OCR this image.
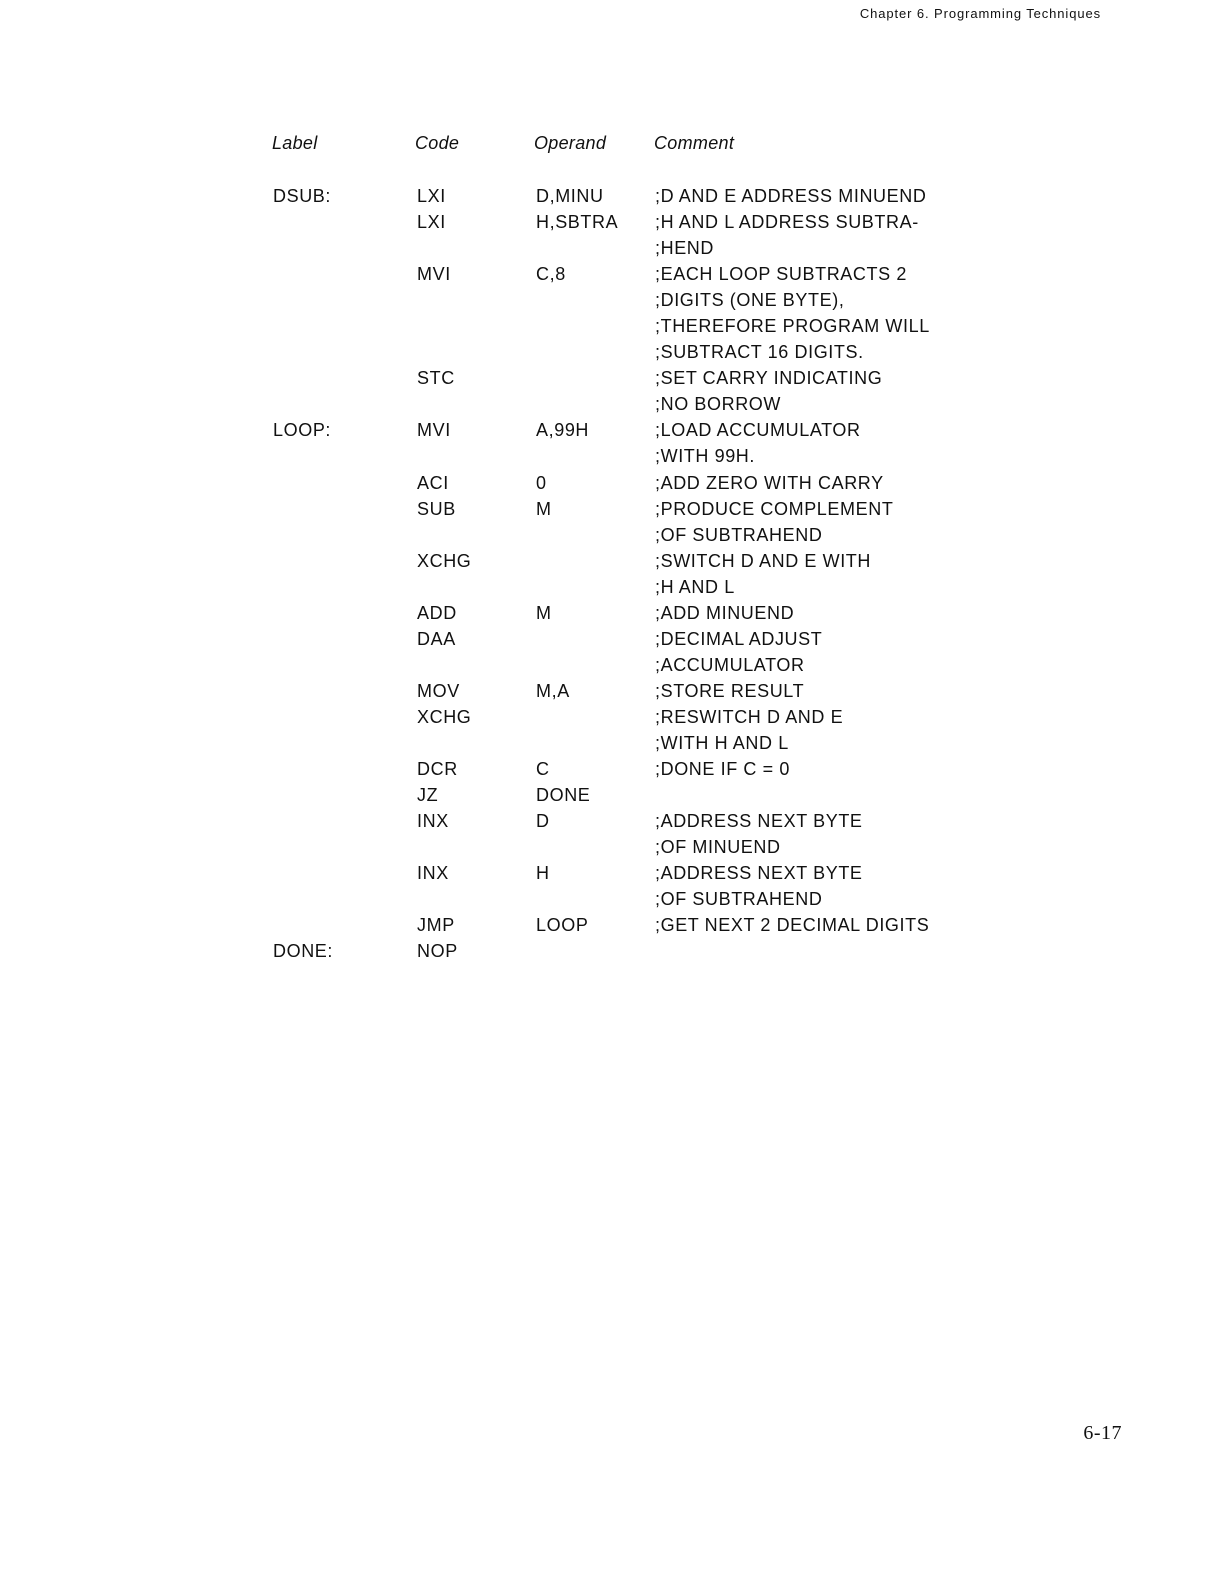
Chapter 6. Programming Techniques
Label	Code	Operand	Comment
DSUB:	LXI	D,MINU	;D AND E ADDRESS MINUEND
LXI	H,SBTRA ;H AND L ADDRESS SUBTRA-
;HEND
MVI	C,8	;EACH LOOP SUBTRACTS 2
;DIGITS (ONE BYTE),
;THEREFORE PROGRAM WILL
;SUBTRACT 16 DIGITS.
STC	;SET CARRY INDICATING
;NO BORROW
LOOP:	MVI	A,99H	;LOAD ACCUMULATOR
;WITH 99H.
ACI	0	;ADD ZERO WITH CARRY
SUB	M	;PRODUCE COMPLEMENT
;OF SUBTRAHEND
XCHG	;SWITCH D AND E WITH
;H AND L
ADD	M	;ADD MINUEND
DAA	;DECIMAL ADJUST
;ACCUMULATOR
MOV	M,A	;STORE RESULT
XCHG	;RESWITCH D AND E
;WITH H AND L
DCR	C	;DONE IF C = 0
JZ	DONE
INX	D	;ADDRESS NEXT BYTE
;OF MINUEND
INX	H	;ADDRESS NEXT BYTE
;OF SUBTRAHEND
JMP	LOOP	;GET NEXT 2 DECIMAL DIGITS
DONE:	NOP
6-17
